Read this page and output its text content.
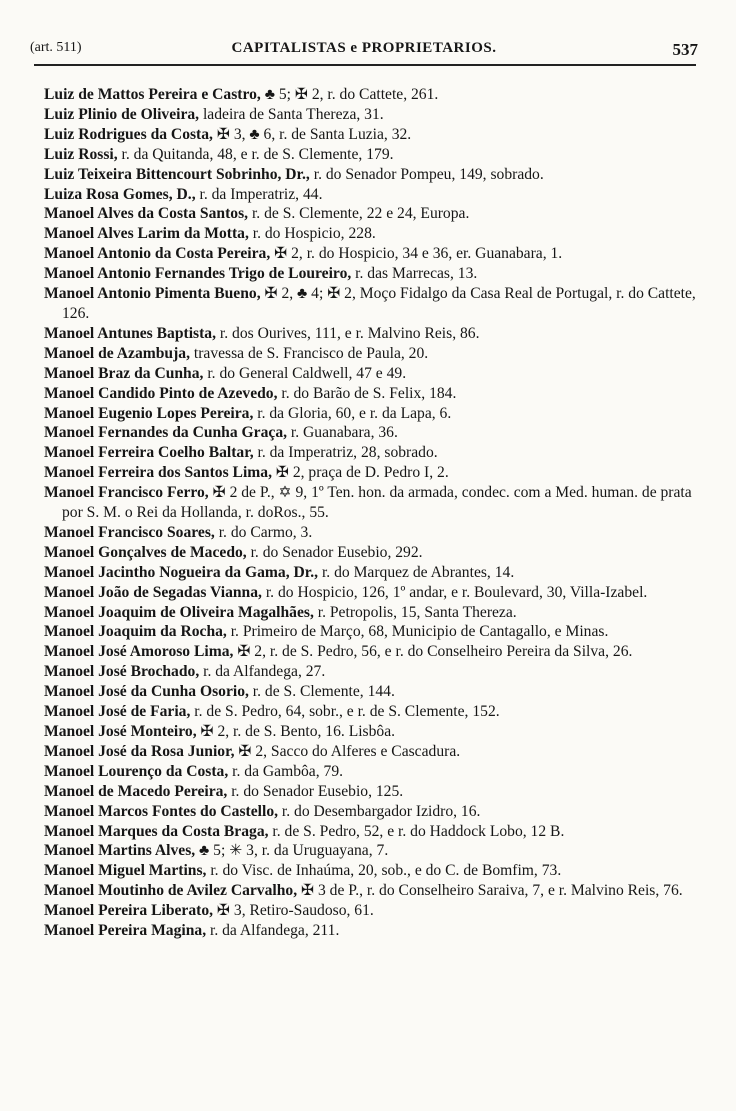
(art. 511)	CAPITALISTAS e PROPRIETARIOS.	537

Luiz de Mattos Pereira e Castro, ♣ 5; ✠ 2, r. do Cattete, 261.

Luiz Plinio de Oliveira, ladeira de Santa Thereza, 31.

Luiz Rodrigues da Costa, ✠ 3, ♣ 6, r. de Santa Luzia, 32.

Luiz Rossi, r. da Quitanda, 48, e r. de S. Clemente, 179.

Luiz Teixeira Bittencourt Sobrinho, Dr., r. do Senador Pompeu, 149, sobrado.

Luiza Rosa Gomes, D., r. da Imperatriz, 44.

Manoel Alves da Costa Santos, r. de S. Clemente, 22 e 24, Europa.

Manoel Alves Larim da Motta, r. do Hospicio, 228.

Manoel Antonio da Costa Pereira, ✠ 2, r. do Hospicio, 34 e 36, er. Guanabara, 1.

Manoel Antonio Fernandes Trigo de Loureiro, r. das Marrecas, 13.

Manoel Antonio Pimenta Bueno, ✠ 2, ♣ 4; ✠ 2, Moço Fidalgo da Casa Real de Portugal, r. do Cattete, 126.

Manoel Antunes Baptista, r. dos Ourives, 111, e r. Malvino Reis, 86.

Manoel de Azambuja, travessa de S. Francisco de Paula, 20.

Manoel Braz da Cunha, r. do General Caldwell, 47 e 49.

Manoel Candido Pinto de Azevedo, r. do Barão de S. Felix, 184.

Manoel Eugenio Lopes Pereira, r. da Gloria, 60, e r. da Lapa, 6.

Manoel Fernandes da Cunha Graça, r. Guanabara, 36.

Manoel Ferreira Coelho Baltar, r. da Imperatriz, 28, sobrado.

Manoel Ferreira dos Santos Lima, ✠ 2, praça de D. Pedro I, 2.

Manoel Francisco Ferro, ✠ 2 de P., ✡ 9, 1º Ten. hon. da armada, condec. com a Med. human. de prata por S. M. o Rei da Hollanda, r. doRos., 55.

Manoel Francisco Soares, r. do Carmo, 3.

Manoel Gonçalves de Macedo, r. do Senador Eusebio, 292.

Manoel Jacintho Nogueira da Gama, Dr., r. do Marquez de Abrantes, 14.

Manoel João de Segadas Vianna, r. do Hospicio, 126, 1º andar, e r. Boulevard, 30, Villa-Izabel.

Manoel Joaquim de Oliveira Magalhães, r. Petropolis, 15, Santa Thereza.

Manoel Joaquim da Rocha, r. Primeiro de Março, 68, Municipio de Cantagallo, e Minas.

Manoel José Amoroso Lima, ✠ 2, r. de S. Pedro, 56, e r. do Conselheiro Pereira da Silva, 26.

Manoel José Brochado, r. da Alfandega, 27.

Manoel José da Cunha Osorio, r. de S. Clemente, 144.

Manoel José de Faria, r. de S. Pedro, 64, sobr., e r. de S. Clemente, 152.

Manoel José Monteiro, ✠ 2, r. de S. Bento, 16. Lisbôa.

Manoel José da Rosa Junior, ✠ 2, Sacco do Alferes e Cascadura.

Manoel Lourenço da Costa, r. da Gambôa, 79.

Manoel de Macedo Pereira, r. do Senador Eusebio, 125.

Manoel Marcos Fontes do Castello, r. do Desembargador Izidro, 16.

Manoel Marques da Costa Braga, r. de S. Pedro, 52, e r. do Haddock Lobo, 12 B.

Manoel Martins Alves, ♣ 5; ✳ 3, r. da Uruguayana, 7.

Manoel Miguel Martins, r. do Visc. de Inhaúma, 20, sob., e do C. de Bomfim, 73.

Manoel Moutinho de Avilez Carvalho, ✠ 3 de P., r. do Conselheiro Saraiva, 7, e r. Malvino Reis, 76.

Manoel Pereira Liberato, ✠ 3, Retiro-Saudoso, 61.

Manoel Pereira Magina, r. da Alfandega, 211.
